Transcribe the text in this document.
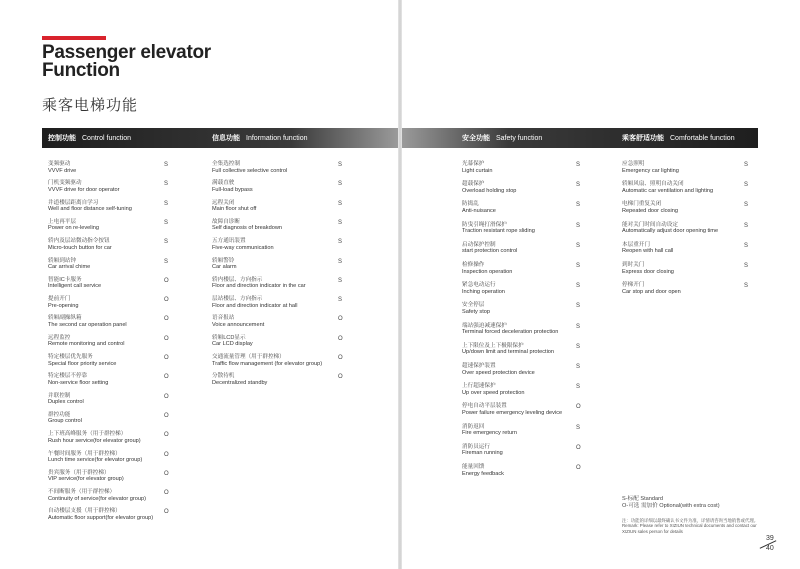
Passenger elevator
Function
乘客电梯功能
控制功能 Control function	信息功能 Information function	安全功能 Safety function	乘客舒适功能 Comfortable function
变频驱动
VVVF drive
S
门机变频驱动
VVVF drive for door operator
S
井道楼层距离自学习
Well and floor distance self-tuning
S
上电再平层
Power on re-leveling
S
轿内及层站微动指令按钮
Micro-touch button for car
S
轿厢到站钟
Car arrival chime
S
智能IC卡服务
Intelligent call service
O
提前开门
Pre-opening
O
轿厢副操纵箱
The second car operation panel
O
远程监控
Remote monitoring and control
O
特定楼层优先服务
Special floor priority service
O
特定楼层不停靠
Non-service floor setting
O
并联控制
Duplex control
O
群控功能
Group control
O
上下班高峰服务（用于群控梯）
Rush hour service(for elevator group)
O
午餐时间服务（用于群控梯）
Lunch time service(for elevator group)
O
贵宾服务（用于群控梯）
VIP service(for elevator group)
O
不间断服务（用于群控梯）
Continuity of service(for elevator group)
O
自动楼层支援（用于群控梯）
Automatic floor support(for elevator group)
O
全集选控制
Full collective selective control
S
满载直驶
Full-load bypass
S
远程关闭
Main floor shut off
S
故障自诊断
Self diagnosis of breakdown
S
五方通讯装置
Five-way communication
S
轿厢警铃
Car alarm
S
轿内楼层、方向指示
Floor and direction indicator in the car
S
层站楼层、方向指示
Floor and direction indicator at hall
S
语音报站
Voice announcement
O
轿厢LCD显示
Car LCD display
O
交通流量管理（用于群控梯）
Traffic flow management (for elevator group)
O
分散待机
Decentralized standby
O
光幕保护
Light curtain
S
超载保护
Overload holding stop
S
防捣乱
Anti-nuisance
S
防曳引绳打滑保护
Traction resistant rope sliding
S
启动保护控制
start protection control
S
检修操作
Inspection operation
S
紧急电动运行
Inching operation
S
安全停层
Safety stop
S
端站强迫减速保护
Terminal forced deceleration protection
S
上下限位及上下极限保护
Up/down limit and terminal protection
S
超速保护装置
Over speed protection device
S
上行超速保护
Up over speed protection
S
停电自动平层装置
Power failure emergency leveling device
O
消防返回
Fire emergency return
S
消防员运行
Fireman running
O
能量回馈
Energy feedback
O
应急照明
Emergency car lighting
S
轿厢风扇、照明自动关闭
Automatic car ventilation and lighting
S
电梯门重复关闭
Repeated door closing
S
能对关门时间自动设定
Automatically adjust door opening time
S
本层重开门
Reopen with hall call
S
到时关门
Express door closing
S
停梯开门
Car stop and door open
S
S-标配 Standard
O-可选 需加价 Optional(with extra cost)
注：功能的详细以最终确认书文件为准，详情请咨询当地销售或代理。
Remark: Please refer to XIZIUN technical documents and contact our XIZIUN sales person for details
39
40
